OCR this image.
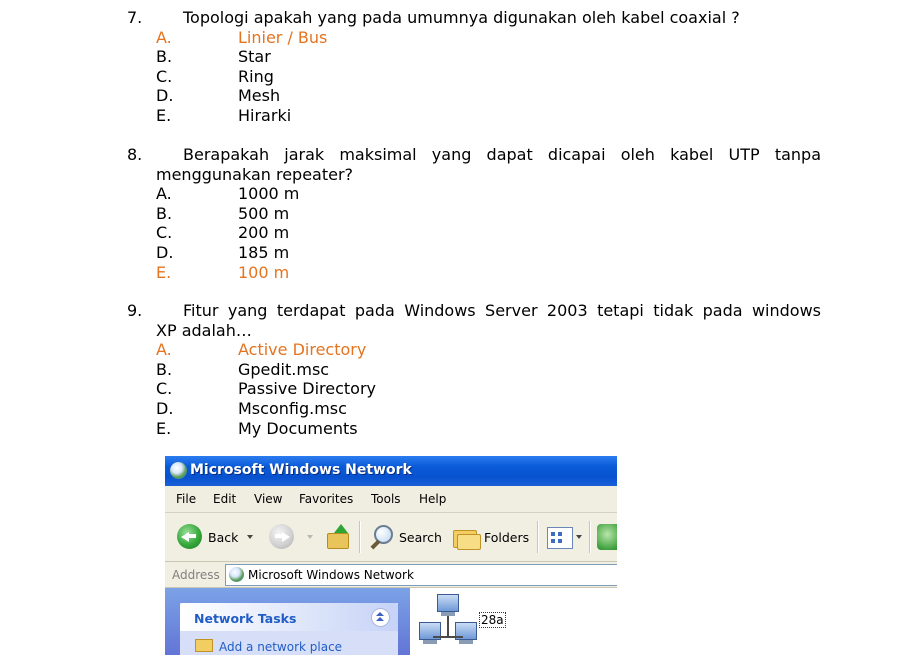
7.	Topologi apakah yang pada umumnya digunakan oleh kabel coaxial ?
A.	Linier / Bus
B.	Star
C.	Ring
D.	Mesh
E.	Hirarki
8.	Berapakah jarak maksimal yang dapat dicapai oleh kabel UTP tanpa
menggunakan repeater?
A.	1000 m
B.	500 m
C.	200 m
D.	185 m
E.	100 m
9.	Fitur yang terdapat pada Windows Server 2003 tetapi tidak pada windows
XP adalah…
A.	Active Directory
B.	Gpedit.msc
C.	Passive Directory
D.	Msconfig.msc
E.	My Documents
Microsoft Windows Network
File Edit View Favorites Tools Help
Back	Search	Folders
Address Microsoft Windows Network
Network Tasks
Add a network place
28a
